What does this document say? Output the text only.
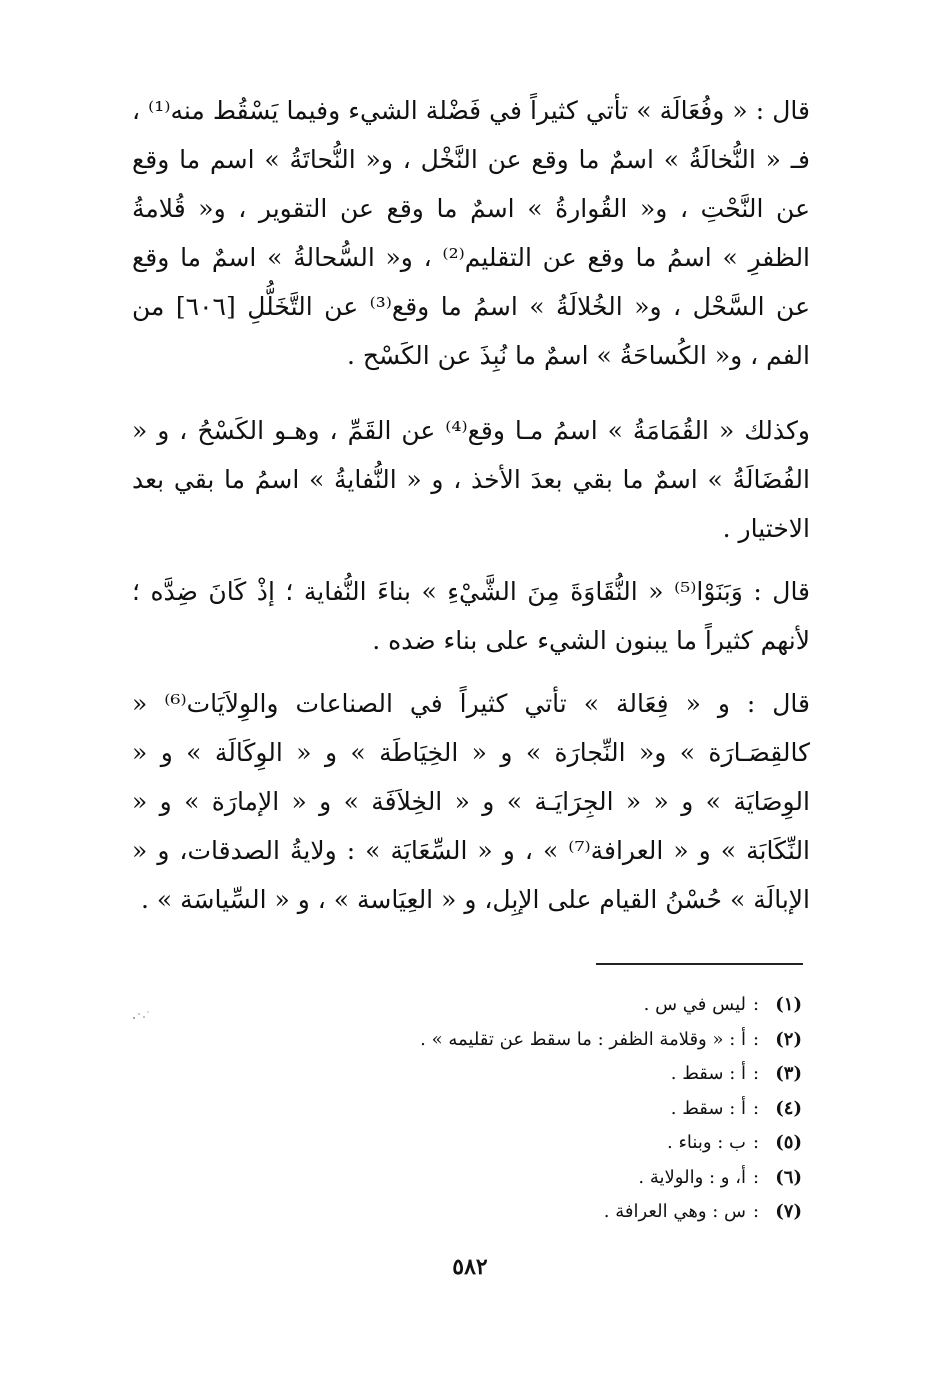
قال : « وفُعَالَة » تأتي كثيراً في فَضْلة الشيء وفيما يَسْقُط منه⁽¹⁾ ، فـ « النُّخالَةُ » اسمٌ ما وقع عن النَّخْل ، و« النُّحاتَةُ » اسم ما وقع عن النَّحْتِ ، و« القُوارةُ » اسمٌ ما وقع عن التقوير ، و« قُلامةُ الظفرِ » اسمُ ما وقع عن التقليم⁽²⁾ ، و« السُّحالةُ » اسمٌ ما وقع عن السَّحْل ، و« الخُلالَةُ » اسمُ ما وقع⁽³⁾ عن التَّخَلُّلِ [٦٠٦] من الفم ، و« الكُساحَةُ » اسمٌ ما نُبِذَ عن الكَسْح .

وكذلك « القُمَامَةُ » اسمُ مـا وقع⁽⁴⁾ عن القَمِّ ، وهـو الكَسْحُ ، و « الفُضَالَةُ » اسمٌ ما بقي بعدَ الأخذ ، و « النُّفايةُ » اسمُ ما بقي بعد الاختيار .

قال : وَبَنَوْا⁽⁵⁾ « النُّقَاوَةَ مِنَ الشَّيْءِ » بناءَ النُّفاية ؛ إذْ كَانَ ضِدَّه ؛ لأنهم كثيراً ما يبنون الشيء على بناء ضده .

قال : و « فِعَالة » تأتي كثيراً في الصناعات والوِلاَيَات⁽⁶⁾ « كالقِصَـارَة » و« النِّجارَة » و « الخِيَاطَة » و « الوِكَالَة » و « الوِصَايَة » و « « الجِرَايَـة » و « الخِلاَفَة » و « الإمارَة » و « النِّكَابَة » و « العرافة⁽⁷⁾ » ، و « السِّعَايَة » : ولايةُ الصدقات، و « الإبالَة » حُسْنُ القيام على الإبِل، و « العِيَاسة » ، و « السِّياسَة » .

(١)
:
ليس في س .
(٢)
:
أ : « وقلامة الظفر : ما سقط عن تقليمه » .
(٣)
:
أ : سقط .
(٤)
:
أ : سقط .
(٥)
:
ب : وبناء .
(٦)
:
أ، و : والولاية .
(٧)
:
س : وهي العرافة .
٥٨٢
